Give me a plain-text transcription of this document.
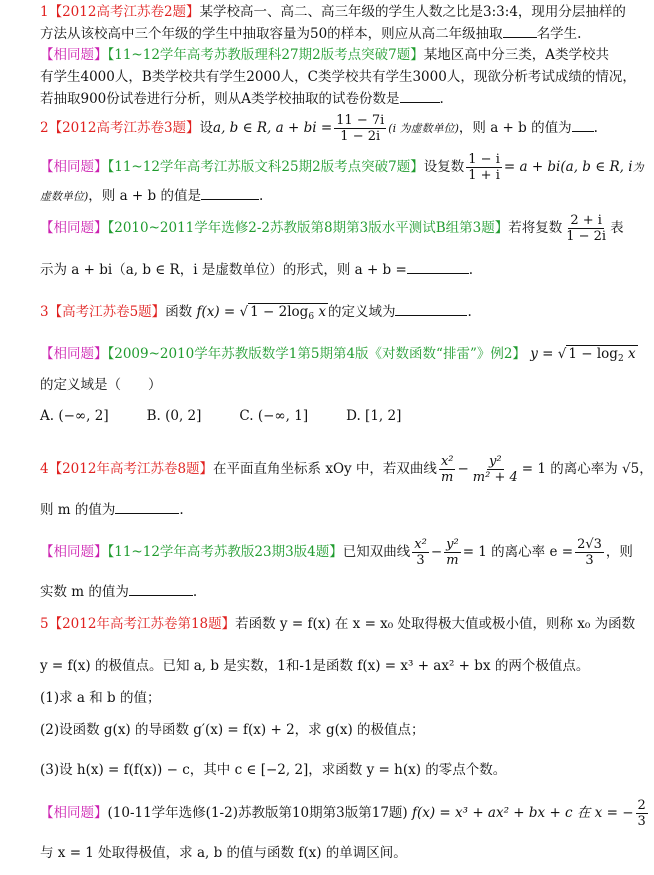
1【2012高考江苏卷2题】某学校高一、高二、高三年级的学生人数之比是3:3:4，现用分层抽样的
方法从该校高中三个年级的学生中抽取容量为50的样本，则应从高二年级抽取	名学生.
【相同题】【11~12学年高考苏教版理科27期2版考点突破7题】某地区高中分三类，A类学校共
有学生4000人，B类学校共有学生2000人，C类学校共有学生3000人，现欲分析考试成绩的情况，
若抽取900份试卷进行分析，则从A类学校抽取的试卷份数是	.
2【2012高考江苏卷3题】设a, b ∈ R, a + bi = $\frac{11 - 7i}{1 - 2i} (i$ 为虚数单位)，则 a + b 的值为 .
【相同题】【11~12学年高考江苏版文科25期2版考点突破7题】设复数 $\frac{1 - i}{1 + i} = a + bi(a$, b ∈ R, i为
虚数单位)，则 a + b 的值是	.
【相同题】【2010~2011学年选修2-2苏教版第8期第3版水平测试B组第3题】若将复数 $\frac{2 + i}{1 - 2i}$ 表
示为 a + bi（a, b ∈ R，i 是虚数单位）的形式，则 a + b =	.
3【高考江苏卷5题】函数 f(x) = √ $1 - 2\log_6$ x 的定义域为	.
【相同题】【2009~2010学年苏教版数学1第5期第4版《对数函数“排雷”》例2】 y = √ $1 - \log_2 x$
的定义域是（　　）
A. (−∞, 2]	B. (0, 2]	C. (−∞, 1]	D. [1, 2]
4【2012年高考江苏卷8题】在平面直角坐标系 xOy 中，若双曲线 $\frac{\text{x²}}{m} - \frac{\text{y²}}{\text{m² + 4}} = 1$ 的离心率为 √5，
则 m 的值为	.
【相同题】【11~12学年高考苏教版23期3版4题】已知双曲线 $\frac{\text{x²}}{3} - \frac{\text{y²}}{m} = 1$ 的离心率 $e = \frac{2√3}{3}$ ，则
实数 m 的值为	.
5【2012年高考江苏卷第18题】若函数 y = f(x) 在 x = x₀ 处取得极大值或极小值，则称 x₀ 为函数
y = f(x) 的极值点。已知 a, b 是实数，1和-1是函数 f(x) = x³ + ax² + bx 的两个极值点。
(1)求 a 和 b 的值；
(2)设函数 g(x) 的导函数 g′(x) = f(x) + 2，求 g(x) 的极值点；
(3)设 h(x) = f(f(x)) − c，其中 c ∈ [−2, 2]，求函数 y = h(x) 的零点个数。
【相同题】(10-11学年选修(1-2)苏教版第10期第3版第17题) f(x) = x³ + ax² + bx + c 在 x = − $\frac{2}{3}$
与 x = 1 处取得极值，求 a, b 的值与函数 f(x) 的单调区间。
